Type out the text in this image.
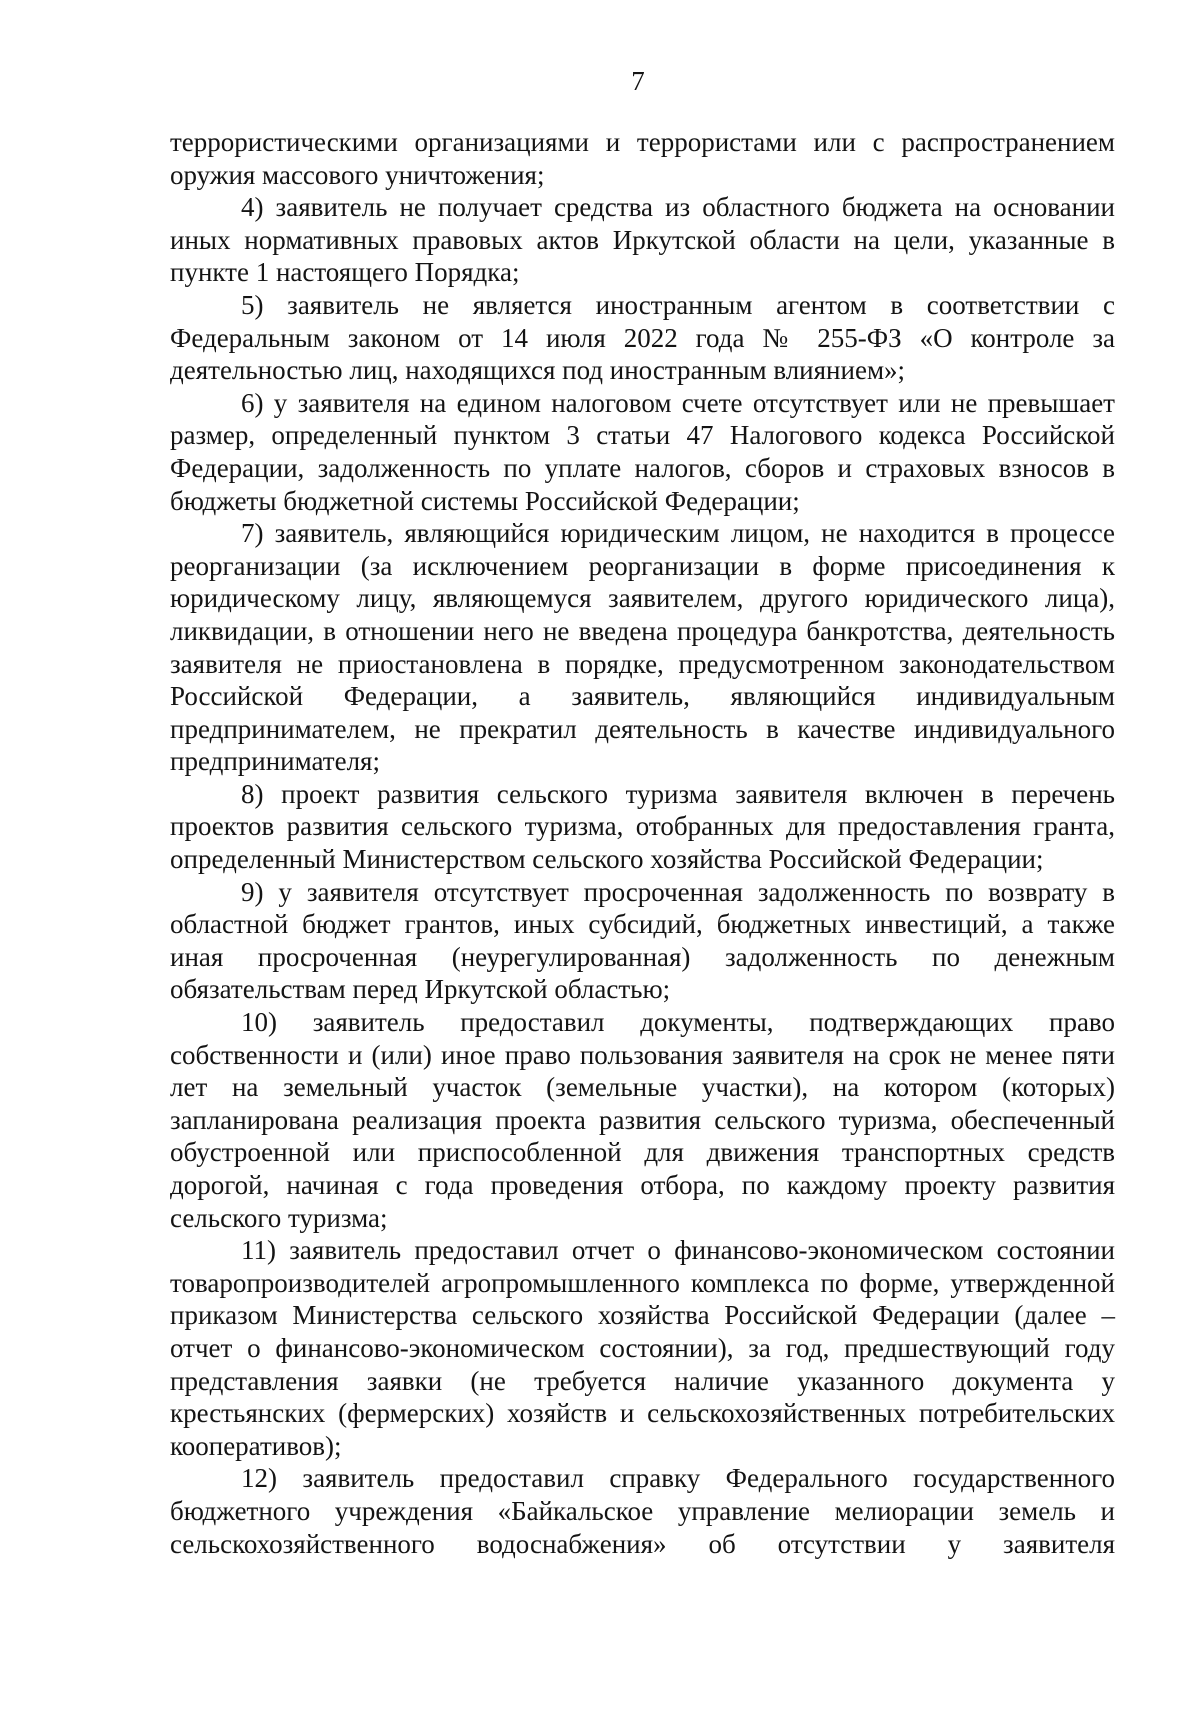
7

террористическими организациями и террористами или с распространением оружия массового уничтожения;

4) заявитель не получает средства из областного бюджета на основании иных нормативных правовых актов Иркутской области на цели, указанные в пункте 1 настоящего Порядка;

5) заявитель не является иностранным агентом в соответствии с Федеральным законом от 14 июля 2022 года № 255-ФЗ «О контроле за деятельностью лиц, находящихся под иностранным влиянием»;

6) у заявителя на едином налоговом счете отсутствует или не превышает размер, определенный пунктом 3 статьи 47 Налогового кодекса Российской Федерации, задолженность по уплате налогов, сборов и страховых взносов в бюджеты бюджетной системы Российской Федерации;

7) заявитель, являющийся юридическим лицом, не находится в процессе реорганизации (за исключением реорганизации в форме присоединения к юридическому лицу, являющемуся заявителем, другого юридического лица), ликвидации, в отношении него не введена процедура банкротства, деятельность заявителя не приостановлена в порядке, предусмотренном законодательством Российской Федерации, а заявитель, являющийся индивидуальным предпринимателем, не прекратил деятельность в качестве индивидуального предпринимателя;

8) проект развития сельского туризма заявителя включен в перечень проектов развития сельского туризма, отобранных для предоставления гранта, определенный Министерством сельского хозяйства Российской Федерации;

9) у заявителя отсутствует просроченная задолженность по возврату в областной бюджет грантов, иных субсидий, бюджетных инвестиций, а также иная просроченная (неурегулированная) задолженность по денежным обязательствам перед Иркутской областью;

10) заявитель предоставил документы, подтверждающих право собственности и (или) иное право пользования заявителя на срок не менее пяти лет на земельный участок (земельные участки), на котором (которых) запланирована реализация проекта развития сельского туризма, обеспеченный обустроенной или приспособленной для движения транспортных средств дорогой, начиная с года проведения отбора, по каждому проекту развития сельского туризма;

11) заявитель предоставил отчет о финансово-экономическом состоянии товаропроизводителей агропромышленного комплекса по форме, утвержденной приказом Министерства сельского хозяйства Российской Федерации (далее – отчет о финансово-экономическом состоянии), за год, предшествующий году представления заявки (не требуется наличие указанного документа у крестьянских (фермерских) хозяйств и сельскохозяйственных потребительских кооперативов);

12) заявитель предоставил справку Федерального государственного бюджетного учреждения «Байкальское управление мелиорации земель и сельскохозяйственного водоснабжения» об отсутствии у заявителя
